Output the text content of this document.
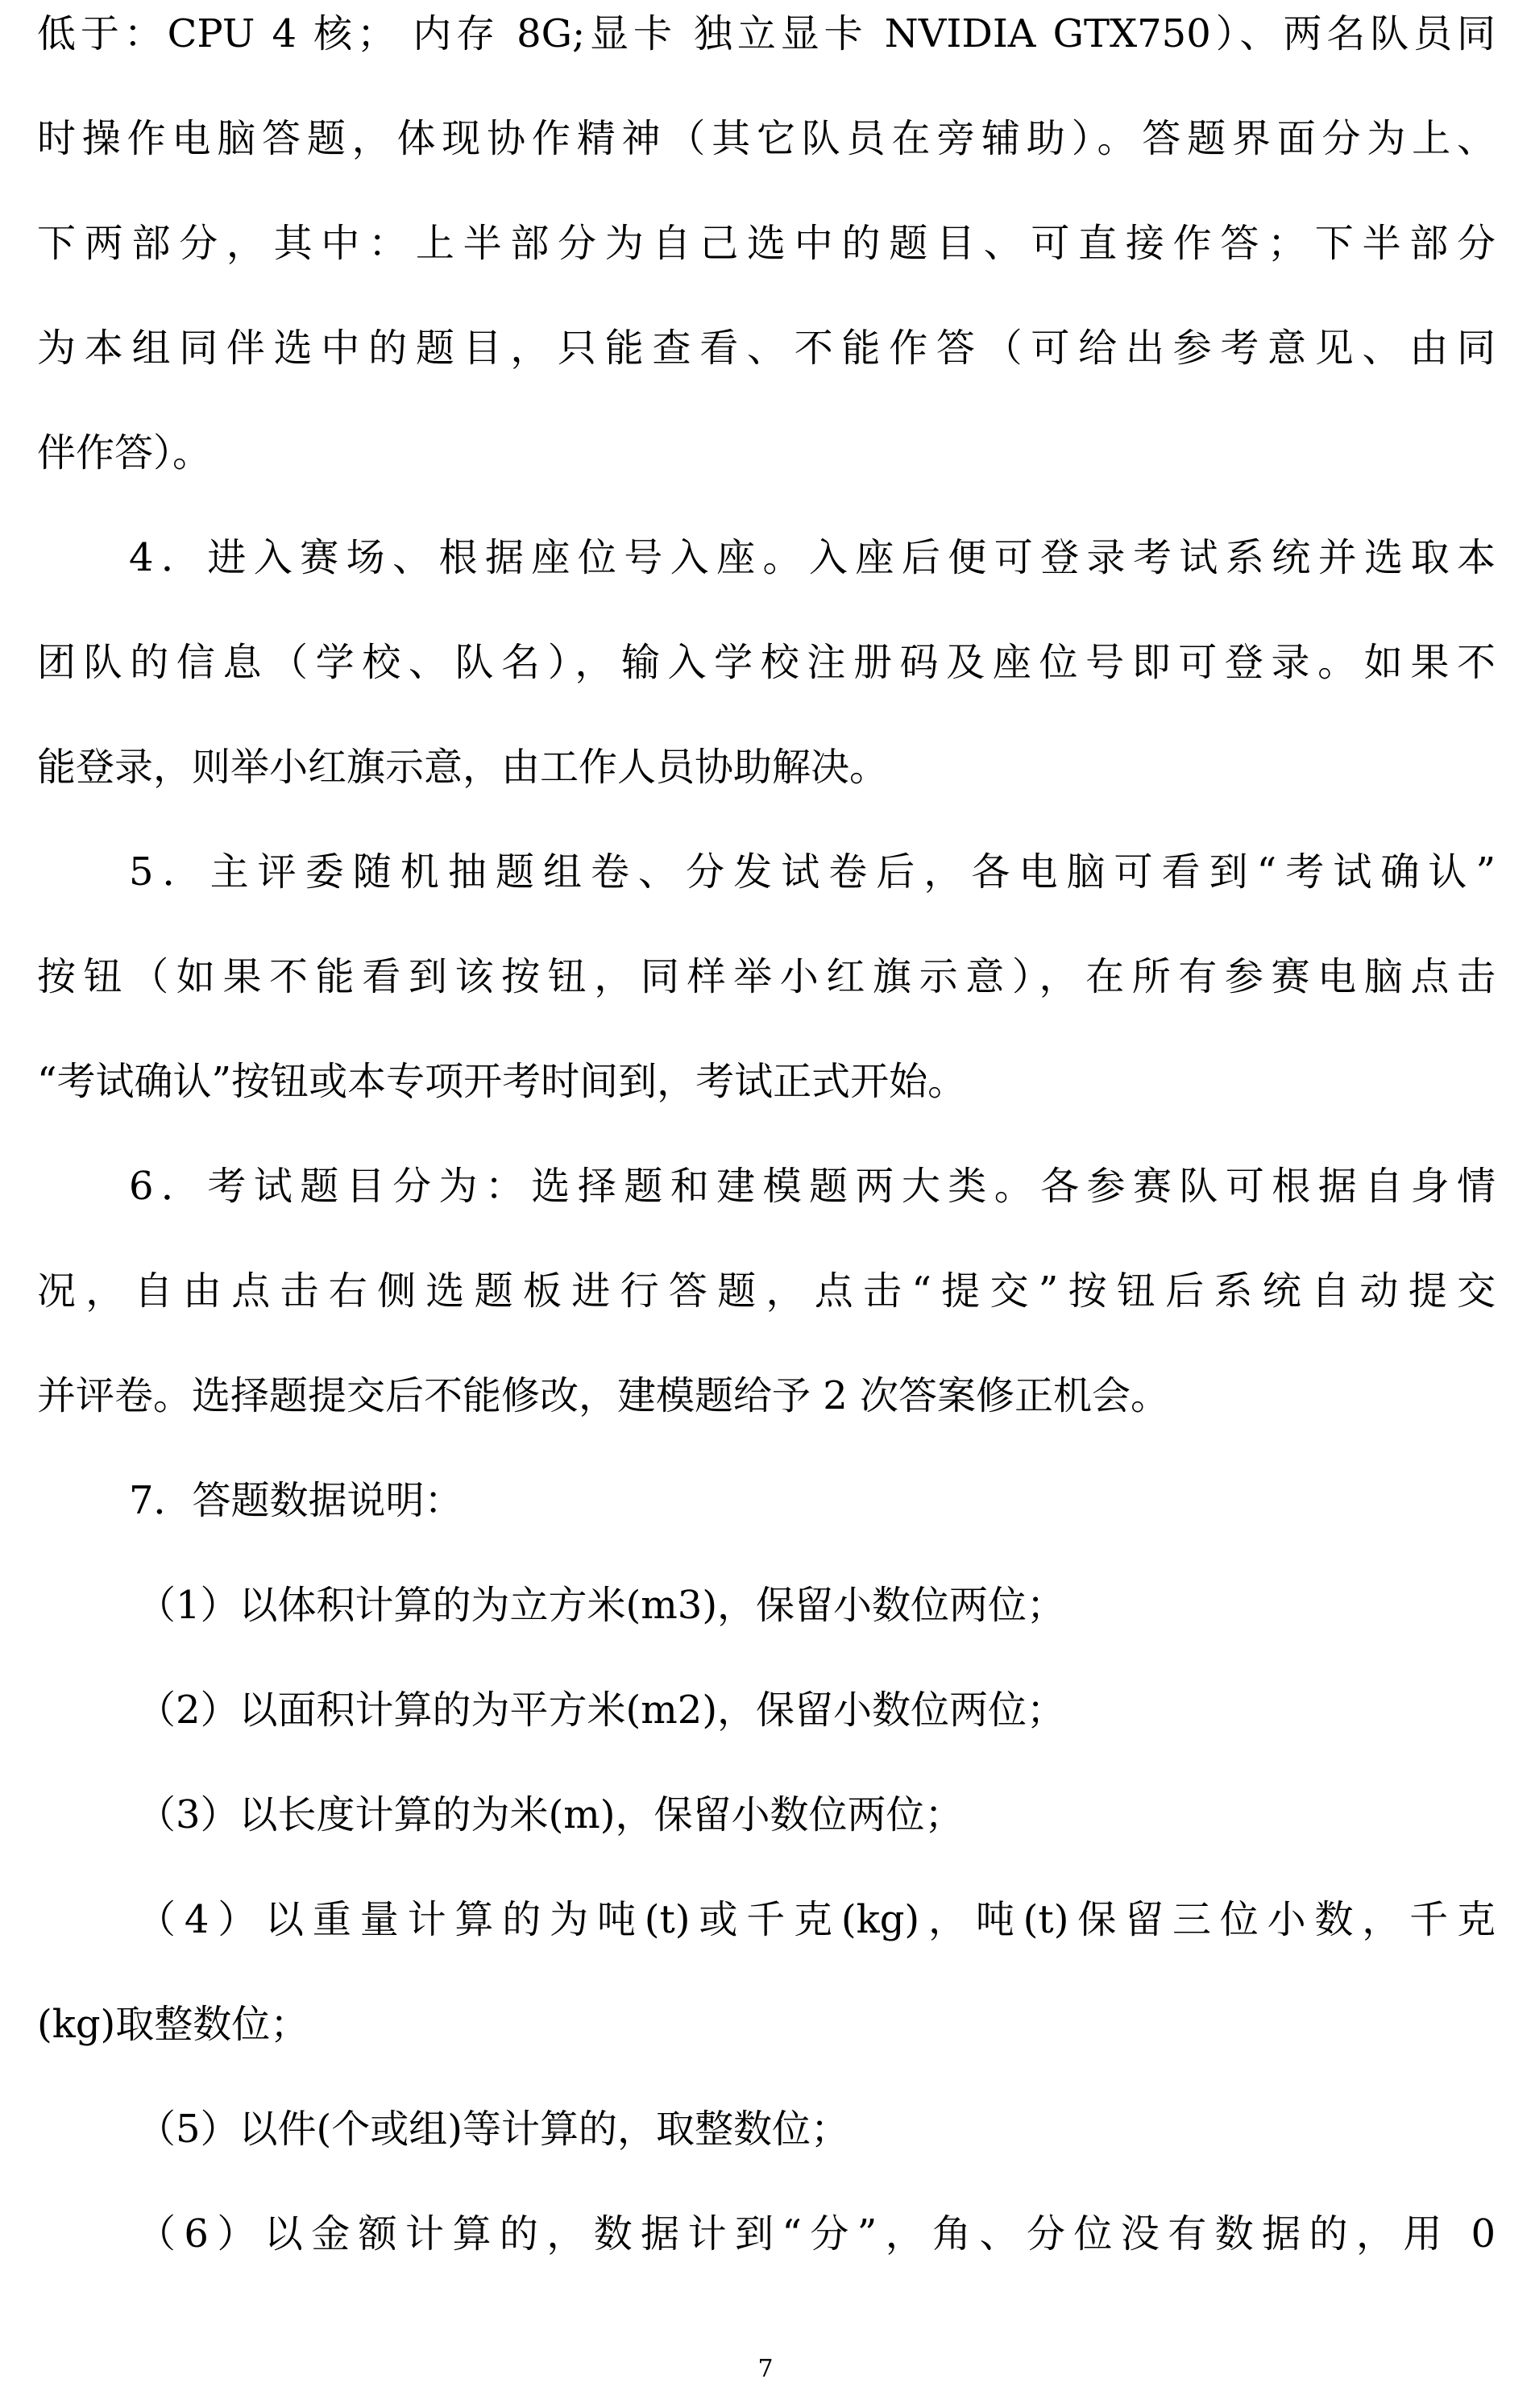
低于：CPU 4 核； 内存 8G;显卡 独立显卡 NVIDIA GTX750）、两名队员同
时操作电脑答题，体现协作精神（其它队员在旁辅助）。答题界面分为上、
下两部分，其中：上半部分为自己选中的题目、可直接作答；下半部分
为本组同伴选中的题目，只能查看、不能作答（可给出参考意见、由同
伴作答）。
4．进入赛场、根据座位号入座。入座后便可登录考试系统并选取本
团队的信息（学校、队名），输入学校注册码及座位号即可登录。如果不
能登录，则举小红旗示意，由工作人员协助解决。
5．主评委随机抽题组卷、分发试卷后，各电脑可看到“考试确认”
按钮（如果不能看到该按钮，同样举小红旗示意），在所有参赛电脑点击
“考试确认”按钮或本专项开考时间到，考试正式开始。
6．考试题目分为：选择题和建模题两大类。各参赛队可根据自身情
况，自由点击右侧选题板进行答题，点击“提交”按钮后系统自动提交
并评卷。选择题提交后不能修改，建模题给予 2 次答案修正机会。
7．答题数据说明：
（1）以体积计算的为立方米(m3)，保留小数位两位；
（2）以面积计算的为平方米(m2)，保留小数位两位；
（3）以长度计算的为米(m)，保留小数位两位；
（4）以重量计算的为吨(t)或千克(kg)，吨(t)保留三位小数，千克
(kg)取整数位；
（5）以件(个或组)等计算的，取整数位；
（6）以金额计算的，数据计到“分”，角、分位没有数据的，用 0
7
